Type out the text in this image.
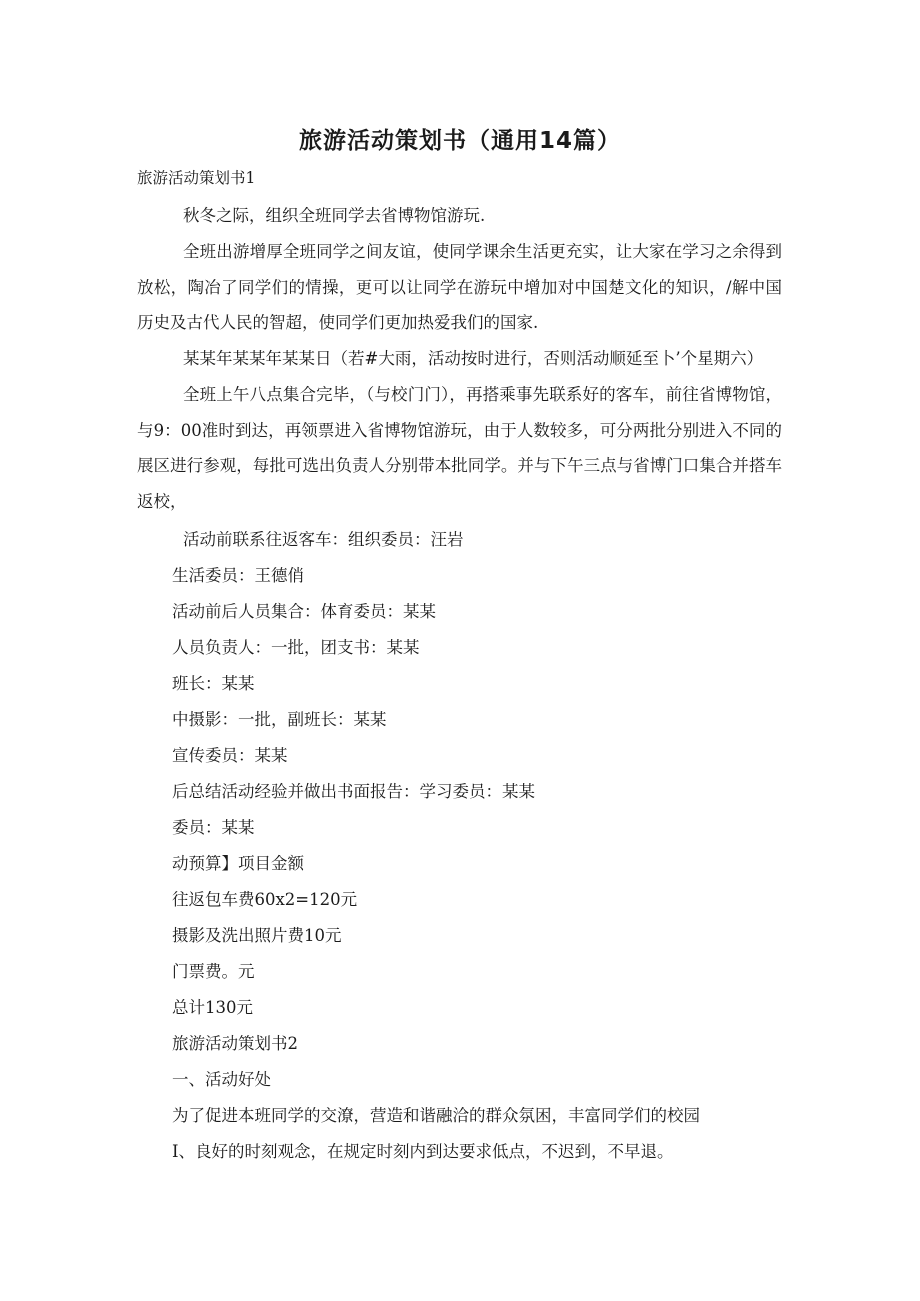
旅游活动策划书（通用14篇）
旅游活动策划书1
秋冬之际，组织全班同学去省博物馆游玩.
全班出游增厚全班同学之间友谊，使同学课余生活更充实，让大家在学习之余得到放松，陶冶了同学们的情操，更可以让同学在游玩中增加对中国楚文化的知识，/解中国历史及古代人民的智超，使同学们更加热爱我们的国家.
某某年某某年某某日（若#大雨，活动按时进行，否则活动顺延至卜’个星期六）
全班上午八点集合完毕，（与校门门），再搭乘事先联系好的客车，前往省博物馆，与9：00准时到达，再领票进入省博物馆游玩，由于人数较多，可分两批分别进入不同的展区进行参观，每批可选出负责人分别带本批同学。并与下午三点与省博门口集合并搭车返校，
活动前联系往返客车：组织委员：汪岩
生活委员：王德俏
活动前后人员集合：体育委员：某某
人员负责人：一批，团支书：某某
班长：某某
中摄影：一批，副班长：某某
宣传委员：某某
后总结活动经验并做出书面报告：学习委员：某某
委员：某某
动预算】项目金额
往返包车费60x2=120元
摄影及洗出照片费10元
门票费。元
总计130元
旅游活动策划书2
一、活动好处
为了促进本班同学的交潦，营造和谐融洽的群众氛困，丰富同学们的校园
I、良好的时刻观念，在规定时刻内到达要求低点，不迟到，不早退。
